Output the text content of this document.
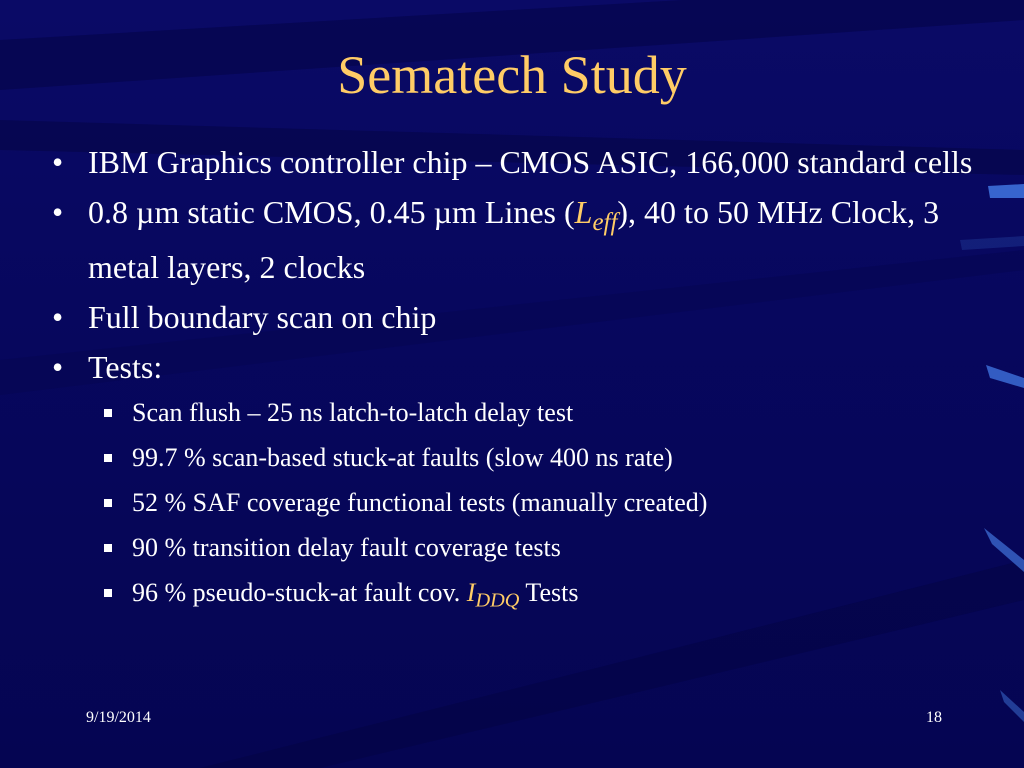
Sematech Study
• IBM Graphics controller chip – CMOS ASIC, 166,000 standard cells
• 0.8 µm static CMOS, 0.45 µm Lines $(L_{eff})$, 40 to 50 MHz Clock, 3 metal layers, 2 clocks
• Full boundary scan on chip
• Tests:
Scan flush – 25 ns latch-to-latch delay test
99.7 % scan-based stuck-at faults (slow 400 ns rate)
52 % SAF coverage functional tests (manually created)
90 % transition delay fault coverage tests
96 % pseudo-stuck-at fault cov. $I_{DDQ}$ Tests
9/19/2014	18
